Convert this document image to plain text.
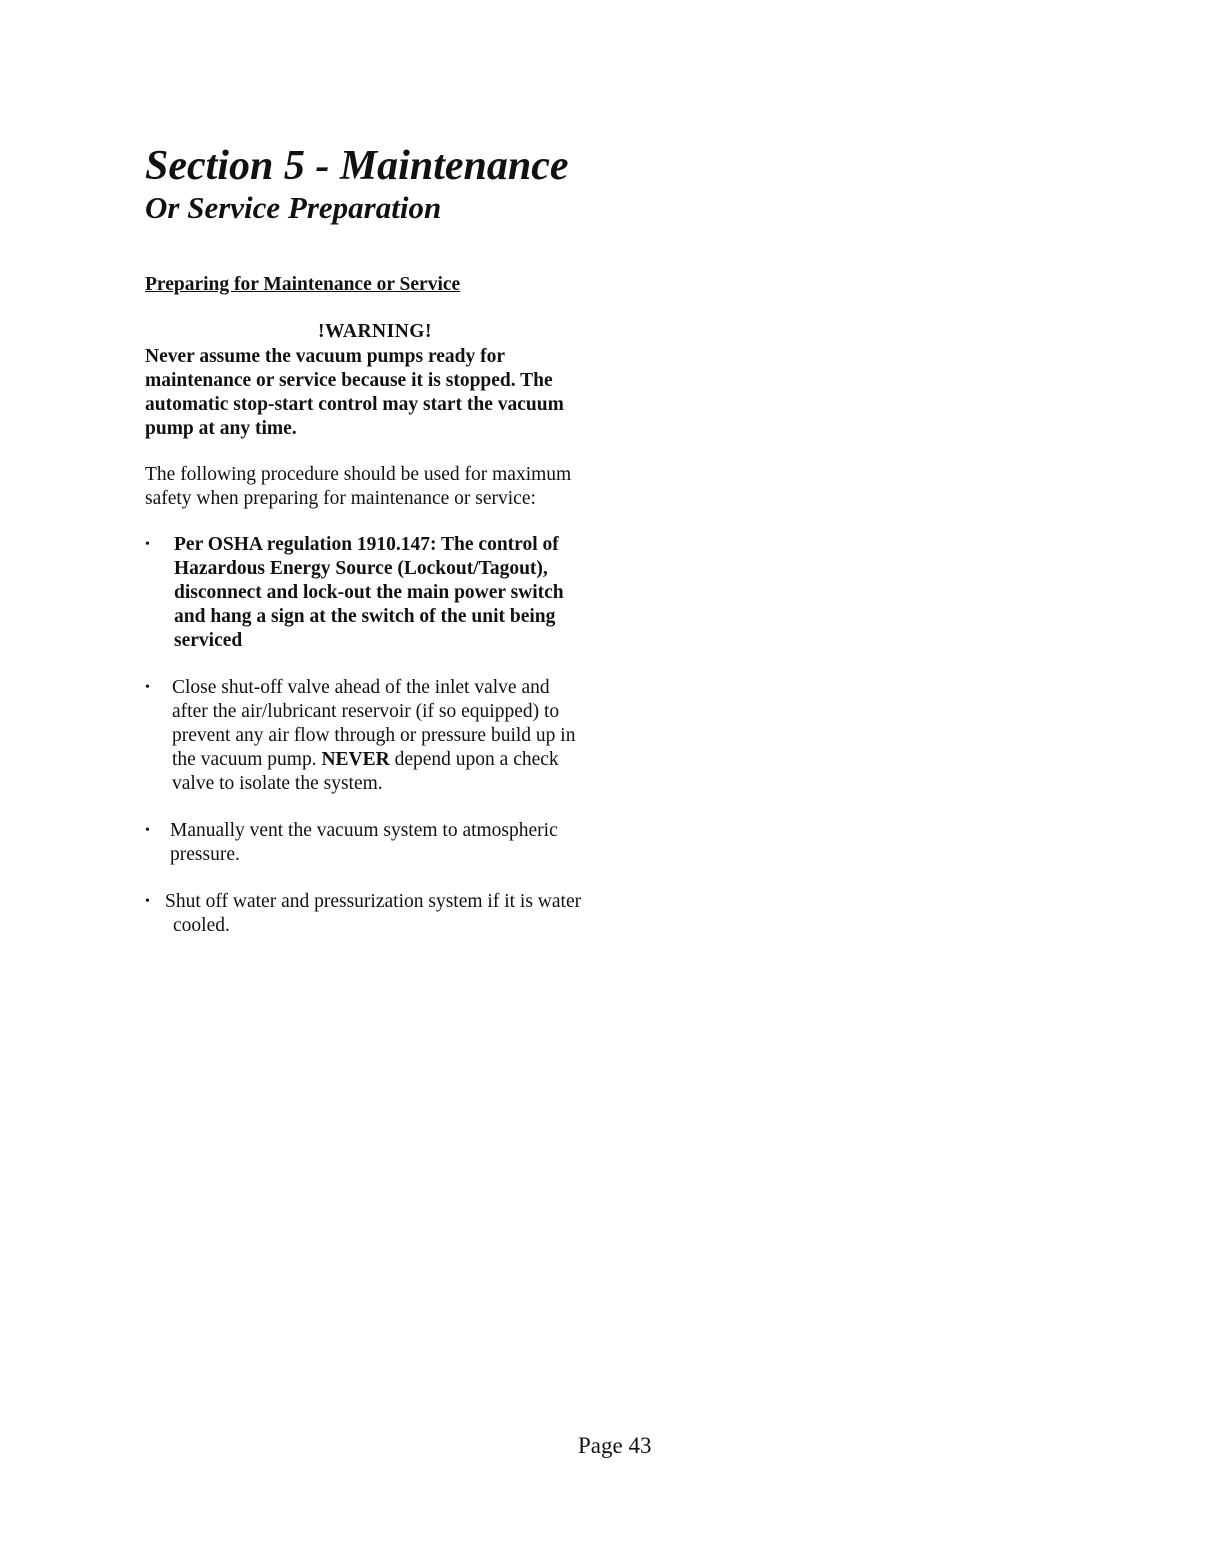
Section 5 - Maintenance
Or Service Preparation
Preparing for Maintenance or Service
!WARNING!
Never assume the vacuum pumps ready for
maintenance or service because it is stopped. The
automatic stop-start control may start the vacuum
pump at any time.
The following procedure should be used for maximum
safety when preparing for maintenance or service:
• Per OSHA regulation 1910.147: The control of
Hazardous Energy Source (Lockout/Tagout),
disconnect and lock-out the main power switch
and hang a sign at the switch of the unit being
serviced
• Close shut-off valve ahead of the inlet valve and
after the air/lubricant reservoir (if so equipped) to
prevent any air flow through or pressure build up in
the vacuum pump. NEVER depend upon a check
valve to isolate the system.
• Manually vent the vacuum system to atmospheric
pressure.
• Shut off water and pressurization system if it is water
cooled.
Page 43
